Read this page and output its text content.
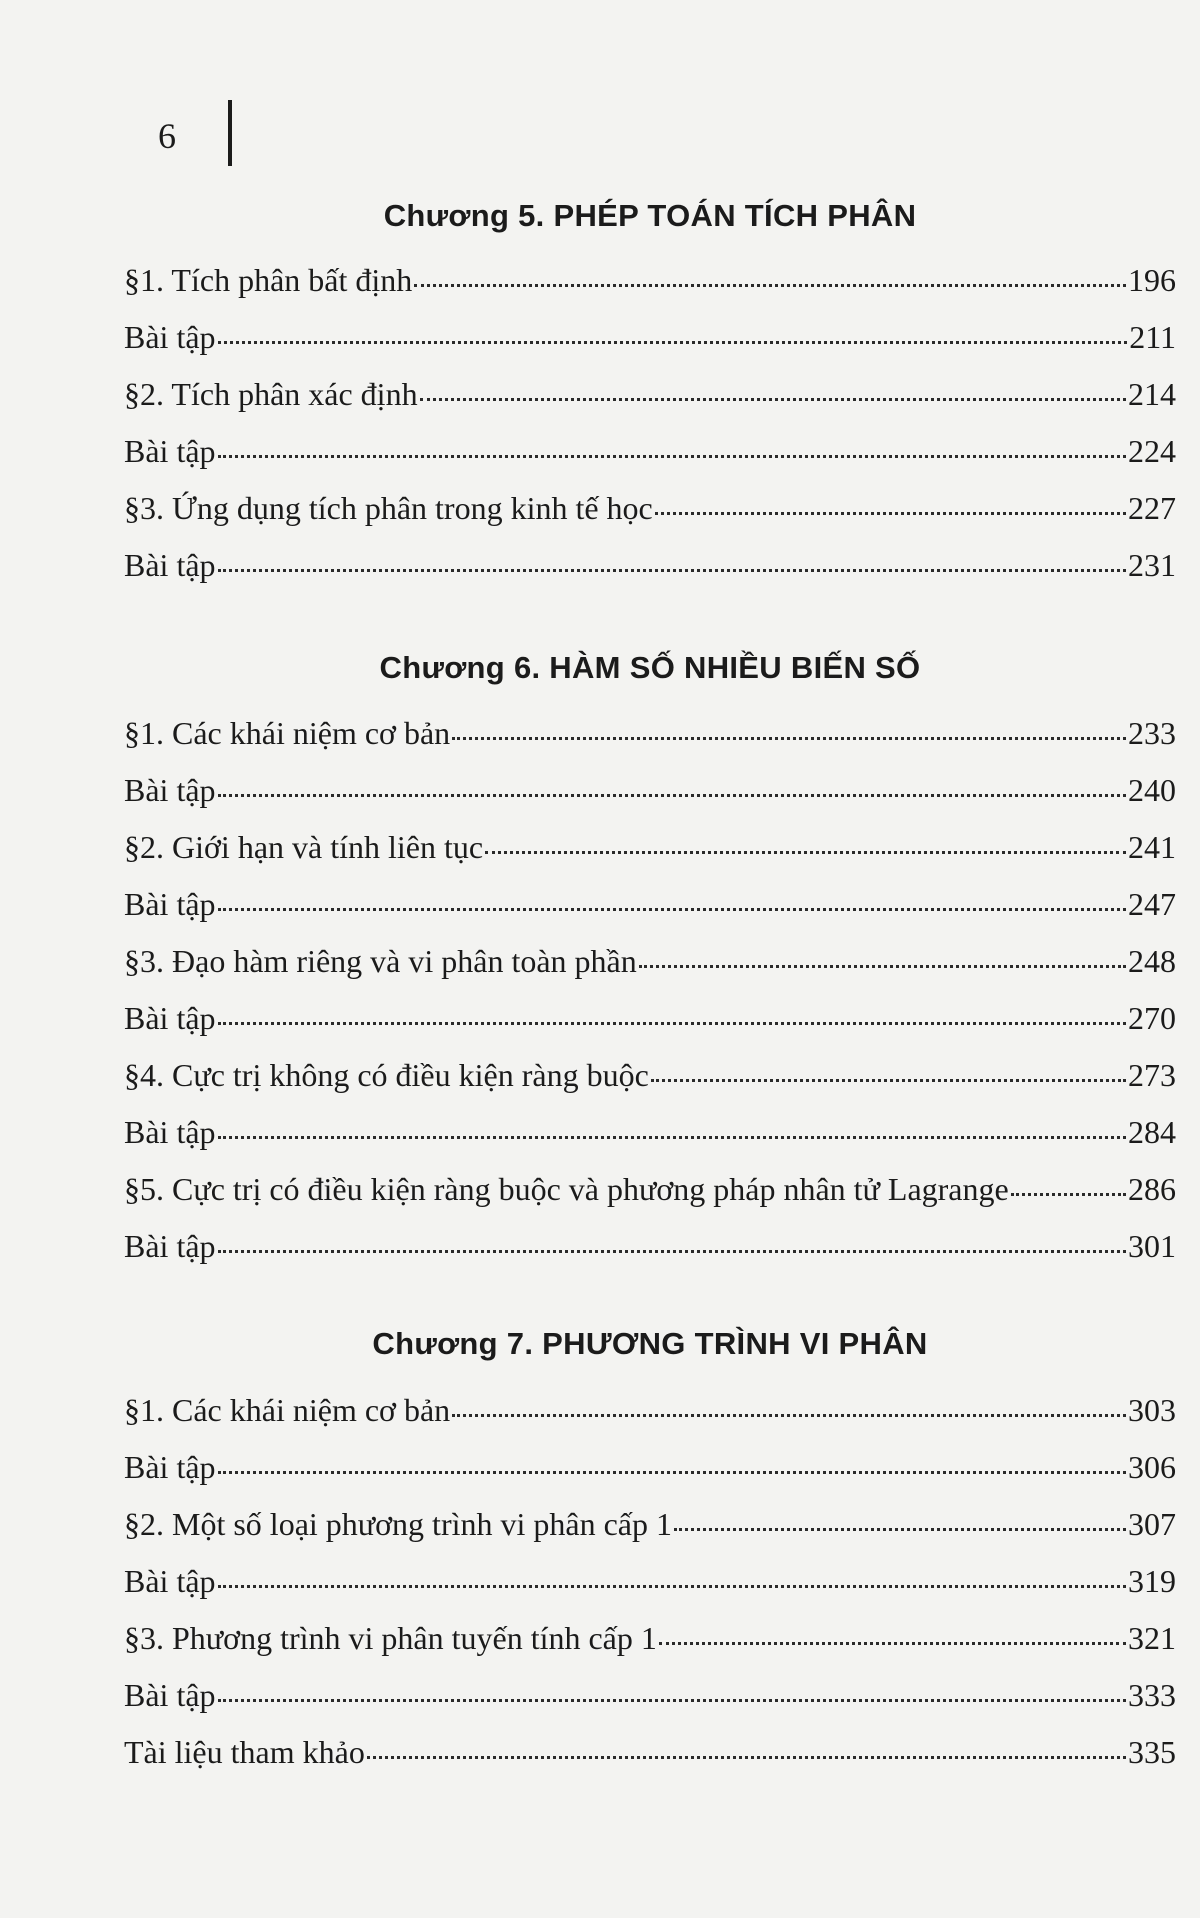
6
Chương 5. PHÉP TOÁN TÍCH PHÂN
§1. Tích phân bất định	196
Bài tập	211
§2. Tích phân xác định	214
Bài tập	224
§3. Ứng dụng tích phân trong kinh tế học	227
Bài tập	231
Chương 6. HÀM SỐ NHIỀU BIẾN SỐ
§1. Các khái niệm cơ bản	233
Bài tập	240
§2. Giới hạn và tính liên tục	241
Bài tập	247
§3. Đạo hàm riêng và vi phân toàn phần	248
Bài tập	270
§4. Cực trị không có điều kiện ràng buộc	273
Bài tập	284
§5. Cực trị có điều kiện ràng buộc và phương pháp nhân tử Lagrange	286
Bài tập	301
Chương 7. PHƯƠNG TRÌNH VI PHÂN
§1. Các khái niệm cơ bản	303
Bài tập	306
§2. Một số loại phương trình vi phân cấp 1	307
Bài tập	319
§3. Phương trình vi phân tuyến tính cấp 1	321
Bài tập	333
Tài liệu tham khảo	335
